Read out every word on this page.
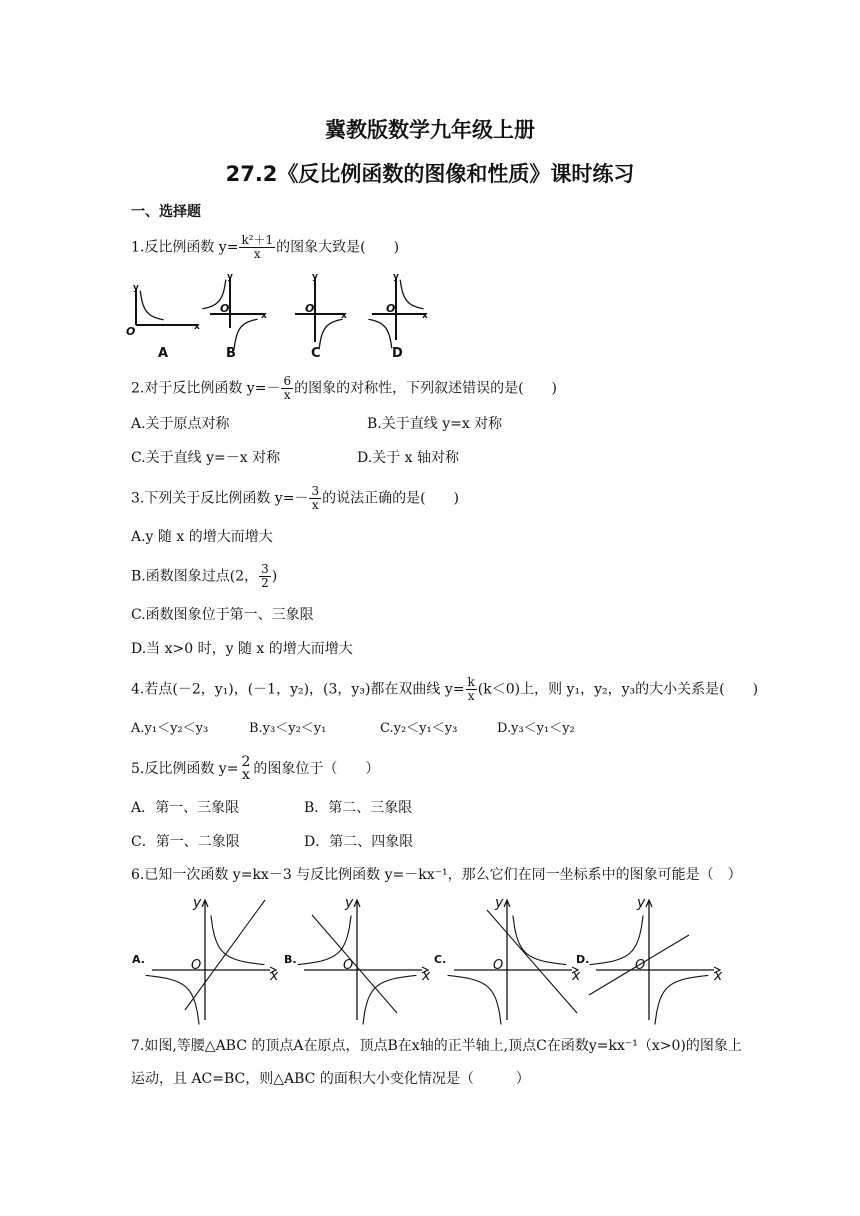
冀教版数学九年级上册
27.2《反比例函数的图像和性质》课时练习
一、选择题
1.反比例函数 $y= \frac{\text{k²＋1}}{x}$ 的图象大致是(　　)
y
x
O
A
y
x
O
B
y
x
O
C
y
x
O
D
2.对于反比例函数 $y=- \frac{6}{x}$ 的图象的对称性，下列叙述错误的是(　　)
A.关于原点对称	B.关于直线 y=x 对称
C.关于直线 y=－x 对称	D.关于 x 轴对称
3.下列关于反比例函数 $y=- \frac{3}{x}$ 的说法正确的是(　　)
A.y 随 x 的增大而增大
B.函数图象过点(2， $\frac{3}{2}$ )
C.函数图象位于第一、三象限
D.当 x>0 时，y 随 x 的增大而增大
4.若点(－2，y₁)，(－1，y₂)，(3，y₃)都在双曲线 $y= \frac{k}{x} (k<0)$上，则 y₁，y₂，y₃的大小关系是(　　)
A.y₁＜y₂＜y₃	B.y₃＜y₂＜y₁	C.y₂＜y₁＜y₃	D.y₃＜y₁＜y₂
5.反比例函数 y= 2
x 的图象位于（　　）
A．第一、三象限	B．第二、三象限
C．第一、二象限	D．第二、四象限
6.已知一次函数 y=kx－3 与反比例函数 y=－kx⁻¹，那么它们在同一坐标系中的图象可能是（　）
y
x
O
A.
y
x
O
B.
y
x
O
C.
y
x
O
D.
7.如图,等腰△ABC 的顶点A在原点，顶点B在x轴的正半轴上,顶点C在函数y=kx⁻¹（x>0)的图象上
运动，且 AC=BC，则△ABC 的面积大小变化情况是（　　　）
